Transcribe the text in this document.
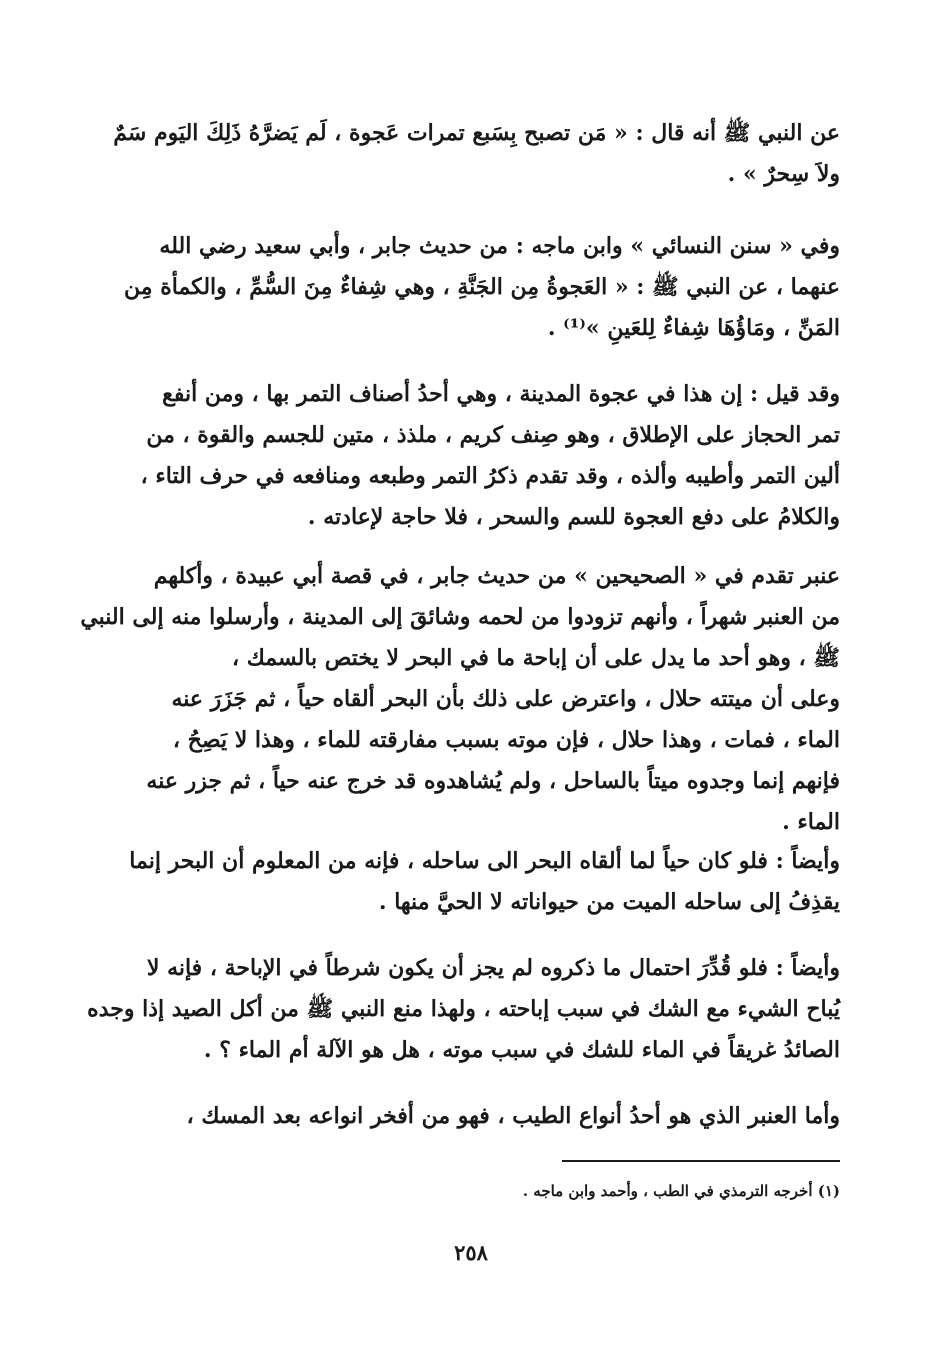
عن النبي ﷺ أنه قال : « مَن تصبح بِسَبع تمرات عَجوة ، لَم يَضرَّهُ ذَلِكَ اليَوم سَمٌ
ولاَ سِحرٌ » .
وفي « سنن النسائي » وابن ماجه : من حديث جابر ، وأبي سعيد رضي الله
عنهما ، عن النبي ﷺ : « العَجوةُ مِن الجَنَّةِ ، وهي شِفاءٌ مِنَ السُّمِّ ، والكمأة مِن
المَنِّ ، ومَاؤُهَا شِفاءٌ لِلعَينِ »⁽¹⁾ .
وقد قيل : إن هذا في عجوة المدينة ، وهي أحدُ أصناف التمر بها ، ومن أنفع
تمر الحجاز على الإطلاق ، وهو صِنف كريم ، ملذذ ، متين للجسم والقوة ، من
ألين التمر وأطيبه وألذه ، وقد تقدم ذكرُ التمر وطبعه ومنافعه في حرف التاء ،
والكلامُ على دفع العجوة للسم والسحر ، فلا حاجة لإعادته .
عنبر تقدم في « الصحيحين » من حديث جابر ، في قصة أبي عبيدة ، وأكلهم
من العنبر شهراً ، وأنهم تزودوا من لحمه وشائقَ إلى المدينة ، وأرسلوا منه إلى النبي
ﷺ ، وهو أحد ما يدل على أن إباحة ما في البحر لا يختص بالسمك ،
وعلى أن ميتته حلال ، واعترض على ذلك بأن البحر ألقاه حياً ، ثم جَزَرَ عنه
الماء ، فمات ، وهذا حلال ، فإن موته بسبب مفارقته للماء ، وهذا لا يَصِحُ ،
فإنهم إنما وجدوه ميتاً بالساحل ، ولم يُشاهدوه قد خرج عنه حياً ، ثم جزر عنه
الماء .
وأيضاً : فلو كان حياً لما ألقاه البحر الى ساحله ، فإنه من المعلوم أن البحر إنما
يقذِفُ إلى ساحله الميت من حيواناته لا الحيَّ منها .
وأيضاً : فلو قُدِّرَ احتمال ما ذكروه لم يجز أن يكون شرطاً في الإباحة ، فإنه لا
يُباح الشيء مع الشك في سبب إباحته ، ولهذا منع النبي ﷺ من أكل الصيد إذا وجده
الصائدُ غريقاً في الماء للشك في سبب موته ، هل هو الآلة أم الماء ؟ .
وأما العنبر الذي هو أحدُ أنواع الطيب ، فهو من أفخر انواعه بعد المسك ،
(١) أخرجه الترمذي في الطب ، وأحمد وابن ماجه .
٢٥٨
